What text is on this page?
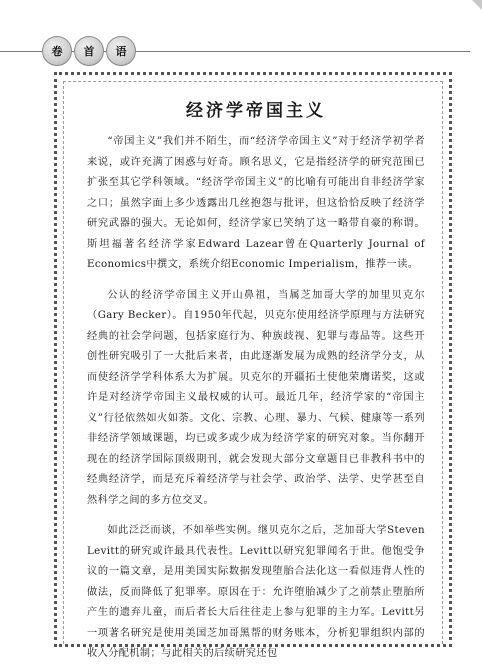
卷	首	语
经济学帝国主义

“帝国主义”我们并不陌生，而“经济学帝国主义”对于经济学初学者来说，或许充满了困惑与好奇。顾名思义，它是指经济学的研究范围已扩张至其它学科领域。“经济学帝国主义”的比喻有可能出自非经济学家之口；虽然字面上多少透露出几丝抱怨与批评，但这恰恰反映了经济学研究武器的强大。无论如何，经济学家已笑纳了这一略带自豪的称谓。斯坦福著名经济学家Edward Lazear曾在Quarterly Journal of Economics中撰文，系统介绍Economic Imperialism，推荐一读。

公认的经济学帝国主义开山鼻祖，当属芝加哥大学的加里贝克尔（Gary Becker）。自1950年代起，贝克尔使用经济学原理与方法研究经典的社会学问题，包括家庭行为、种族歧视、犯罪与毒品等。这些开创性研究吸引了一大批后来者，由此逐渐发展为成熟的经济学分支，从而使经济学学科体系大为扩展。贝克尔的开疆拓土使他荣膺诺奖，这或许是对经济学帝国主义最权威的认可。最近几年，经济学家的“帝国主义”行径依然如火如荼。文化、宗教、心理、暴力、气候、健康等一系列非经济学领域课题，均已或多或少成为经济学家的研究对象。当你翻开现在的经济学国际顶级期刊，就会发现大部分文章题目已非教科书中的经典经济学，而是充斥着经济学与社会学、政治学、法学、史学甚至自然科学之间的多方位交叉。

如此泛泛而谈，不如举些实例。继贝克尔之后，芝加哥大学Steven Levitt的研究或许最具代表性。Levitt以研究犯罪闻名于世。他饱受争议的一篇文章，是用美国实际数据发现堕胎合法化这一看似违背人性的做法，反而降低了犯罪率。原因在于：允许堕胎减少了之前禁止堕胎所产生的遗弃儿童，而后者长大后往往走上参与犯罪的主力军。Levitt另一项著名研究是使用美国芝加哥黑帮的财务账本，分析犯罪组织内部的收入分配机制；与此相关的后续研究还包
